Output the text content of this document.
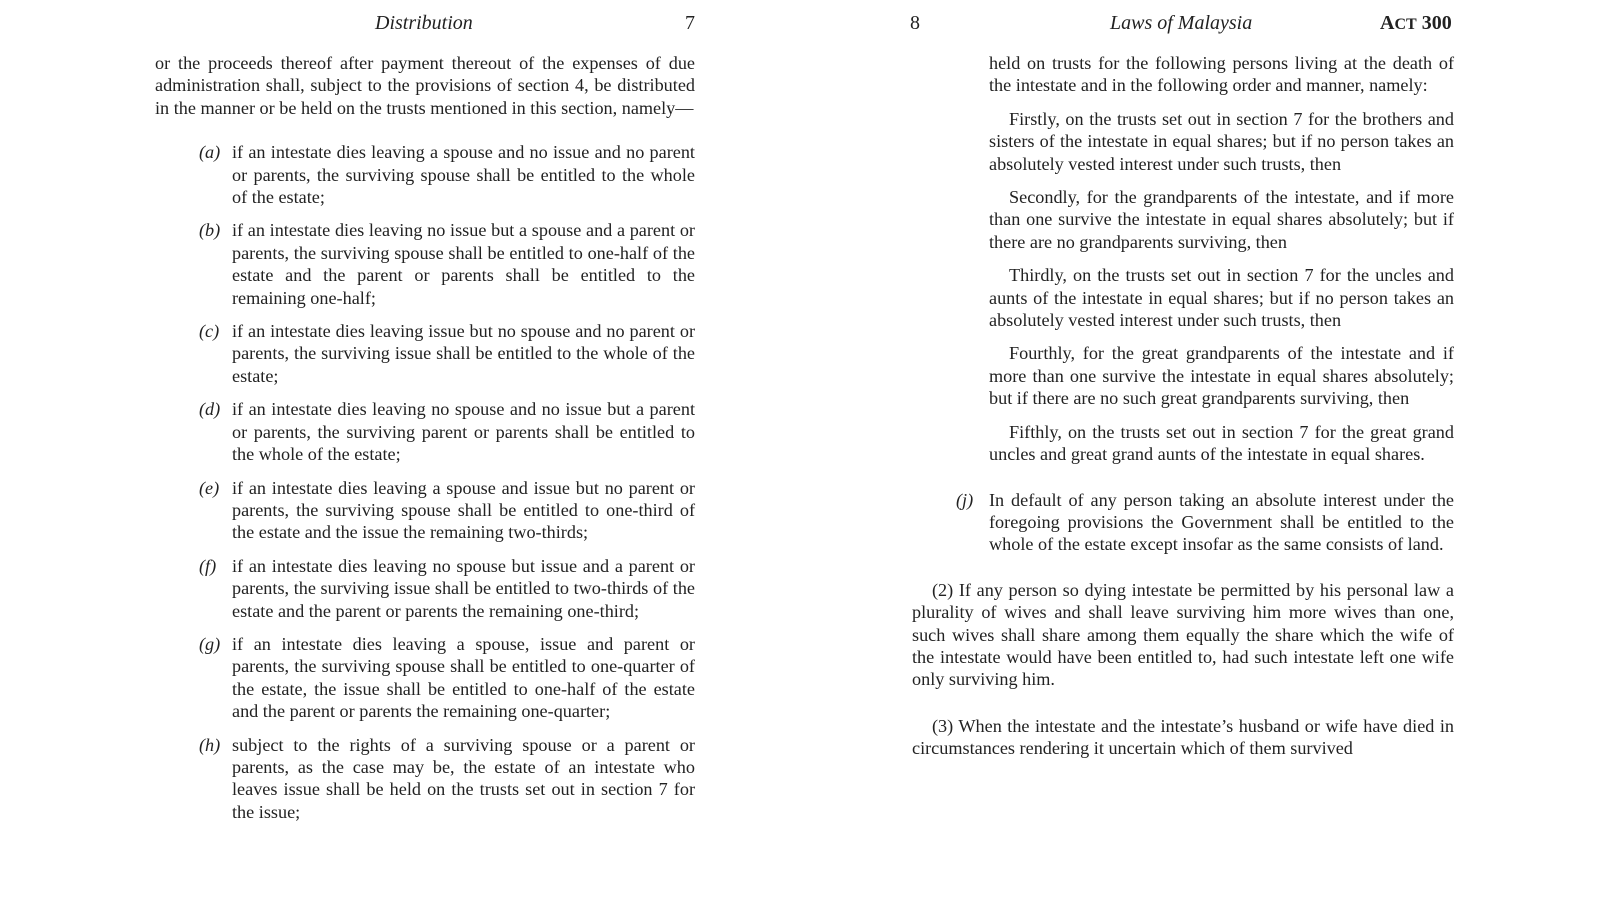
Distribution	7

or the proceeds thereof after payment thereout of the expenses of due administration shall, subject to the provisions of section 4, be distributed in the manner or be held on the trusts mentioned in this section, namely—

(a) if an intestate dies leaving a spouse and no issue and no parent or parents, the surviving spouse shall be entitled to the whole of the estate;
(b) if an intestate dies leaving no issue but a spouse and a parent or parents, the surviving spouse shall be entitled to one-half of the estate and the parent or parents shall be entitled to the remaining one-half;
(c) if an intestate dies leaving issue but no spouse and no parent or parents, the surviving issue shall be entitled to the whole of the estate;
(d) if an intestate dies leaving no spouse and no issue but a parent or parents, the surviving parent or parents shall be entitled to the whole of the estate;
(e) if an intestate dies leaving a spouse and issue but no parent or parents, the surviving spouse shall be entitled to one-third of the estate and the issue the remaining two-thirds;
(f) if an intestate dies leaving no spouse but issue and a parent or parents, the surviving issue shall be entitled to two-thirds of the estate and the parent or parents the remaining one-third;
(g) if an intestate dies leaving a spouse, issue and parent or parents, the surviving spouse shall be entitled to one-quarter of the estate, the issue shall be entitled to one-half of the estate and the parent or parents the remaining one-quarter;
(h) subject to the rights of a surviving spouse or a parent or parents, as the case may be, the estate of an intestate who leaves issue shall be held on the trusts set out in section 7 for the issue;
8	Laws of Malaysia	ACT 300

held on trusts for the following persons living at the death of the intestate and in the following order and manner, namely:

Firstly, on the trusts set out in section 7 for the brothers and sisters of the intestate in equal shares; but if no person takes an absolutely vested interest under such trusts, then

Secondly, for the grandparents of the intestate, and if more than one survive the intestate in equal shares absolutely; but if there are no grandparents surviving, then

Thirdly, on the trusts set out in section 7 for the uncles and aunts of the intestate in equal shares; but if no person takes an absolutely vested interest under such trusts, then

Fourthly, for the great grandparents of the intestate and if more than one survive the intestate in equal shares absolutely; but if there are no such great grandparents surviving, then

Fifthly, on the trusts set out in section 7 for the great grand uncles and great grand aunts of the intestate in equal shares.

(j) In default of any person taking an absolute interest under the foregoing provisions the Government shall be entitled to the whole of the estate except insofar as the same consists of land.

(2) If any person so dying intestate be permitted by his personal law a plurality of wives and shall leave surviving him more wives than one, such wives shall share among them equally the share which the wife of the intestate would have been entitled to, had such intestate left one wife only surviving him.

(3) When the intestate and the intestate’s husband or wife have died in circumstances rendering it uncertain which of them survived
